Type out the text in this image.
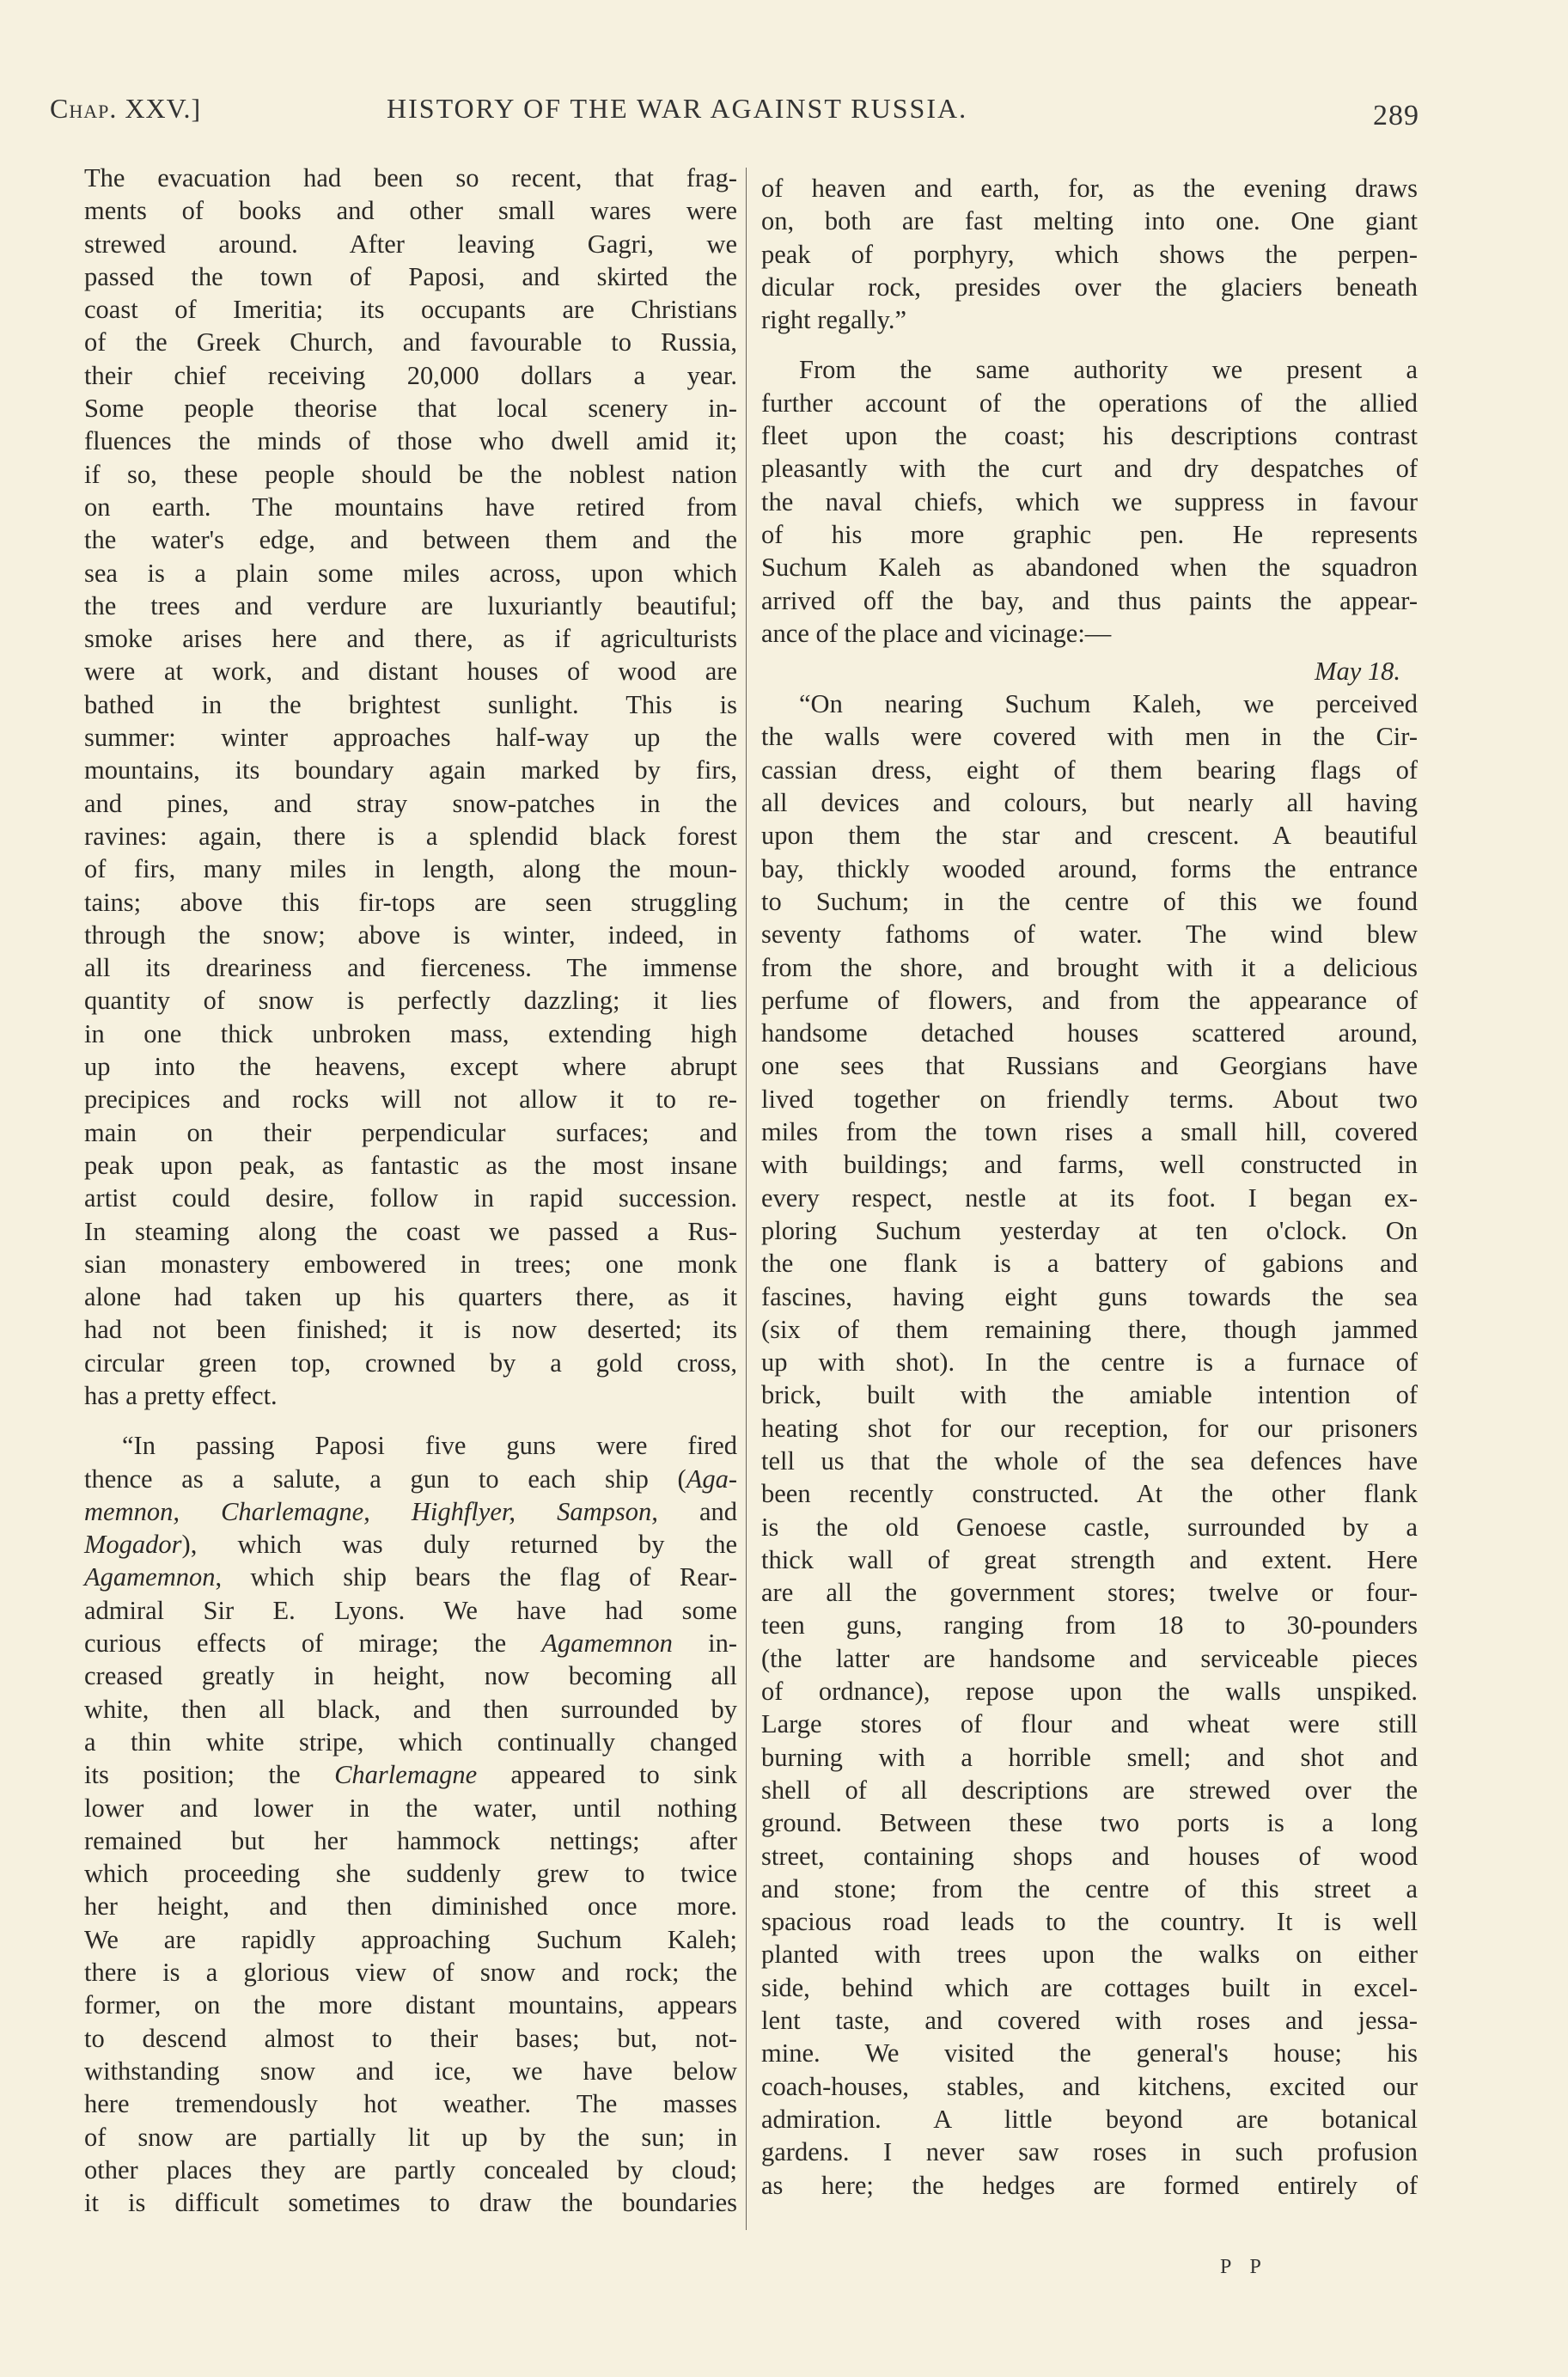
Chap. XXV.]	HISTORY OF THE WAR AGAINST RUSSIA.	289
The evacuation had been so recent, that frag-
ments of books and other small wares were
strewed around. After leaving Gagri, we
passed the town of Paposi, and skirted the
coast of Imeritia; its occupants are Christians
of the Greek Church, and favourable to Russia,
their chief receiving 20,000 dollars a year.
Some people theorise that local scenery in-
fluences the minds of those who dwell amid it;
if so, these people should be the noblest nation
on earth. The mountains have retired from
the water's edge, and between them and the
sea is a plain some miles across, upon which
the trees and verdure are luxuriantly beautiful;
smoke arises here and there, as if agriculturists
were at work, and distant houses of wood are
bathed in the brightest sunlight. This is
summer: winter approaches half-way up the
mountains, its boundary again marked by firs,
and pines, and stray snow-patches in the
ravines: again, there is a splendid black forest
of firs, many miles in length, along the moun-
tains; above this fir-tops are seen struggling
through the snow; above is winter, indeed, in
all its dreariness and fierceness. The immense
quantity of snow is perfectly dazzling; it lies
in one thick unbroken mass, extending high
up into the heavens, except where abrupt
precipices and rocks will not allow it to re-
main on their perpendicular surfaces; and
peak upon peak, as fantastic as the most insane
artist could desire, follow in rapid succession.
In steaming along the coast we passed a Rus-
sian monastery embowered in trees; one monk
alone had taken up his quarters there, as it
had not been finished; it is now deserted; its
circular green top, crowned by a gold cross,
has a pretty effect.
“In passing Paposi five guns were fired
thence as a salute, a gun to each ship (Aga-
memnon, Charlemagne, Highflyer, Sampson, and
Mogador), which was duly returned by the
Agamemnon, which ship bears the flag of Rear-
admiral Sir E. Lyons. We have had some
curious effects of mirage; the Agamemnon in-
creased greatly in height, now becoming all
white, then all black, and then surrounded by
a thin white stripe, which continually changed
its position; the Charlemagne appeared to sink
lower and lower in the water, until nothing
remained but her hammock nettings; after
which proceeding she suddenly grew to twice
her height, and then diminished once more.
We are rapidly approaching Suchum Kaleh;
there is a glorious view of snow and rock; the
former, on the more distant mountains, appears
to descend almost to their bases; but, not-
withstanding snow and ice, we have below
here tremendously hot weather. The masses
of snow are partially lit up by the sun; in
other places they are partly concealed by cloud;
it is difficult sometimes to draw the boundaries
of heaven and earth, for, as the evening draws
on, both are fast melting into one. One giant
peak of porphyry, which shows the perpen-
dicular rock, presides over the glaciers beneath
right regally.”
From the same authority we present a
further account of the operations of the allied
fleet upon the coast; his descriptions contrast
pleasantly with the curt and dry despatches of
the naval chiefs, which we suppress in favour
of his more graphic pen. He represents
Suchum Kaleh as abandoned when the squadron
arrived off the bay, and thus paints the appear-
ance of the place and vicinage:—
May 18.
“On nearing Suchum Kaleh, we perceived
the walls were covered with men in the Cir-
cassian dress, eight of them bearing flags of
all devices and colours, but nearly all having
upon them the star and crescent. A beautiful
bay, thickly wooded around, forms the entrance
to Suchum; in the centre of this we found
seventy fathoms of water. The wind blew
from the shore, and brought with it a delicious
perfume of flowers, and from the appearance of
handsome detached houses scattered around,
one sees that Russians and Georgians have
lived together on friendly terms. About two
miles from the town rises a small hill, covered
with buildings; and farms, well constructed in
every respect, nestle at its foot. I began ex-
ploring Suchum yesterday at ten o'clock. On
the one flank is a battery of gabions and
fascines, having eight guns towards the sea
(six of them remaining there, though jammed
up with shot). In the centre is a furnace of
brick, built with the amiable intention of
heating shot for our reception, for our prisoners
tell us that the whole of the sea defences have
been recently constructed. At the other flank
is the old Genoese castle, surrounded by a
thick wall of great strength and extent. Here
are all the government stores; twelve or four-
teen guns, ranging from 18 to 30-pounders
(the latter are handsome and serviceable pieces
of ordnance), repose upon the walls unspiked.
Large stores of flour and wheat were still
burning with a horrible smell; and shot and
shell of all descriptions are strewed over the
ground. Between these two ports is a long
street, containing shops and houses of wood
and stone; from the centre of this street a
spacious road leads to the country. It is well
planted with trees upon the walks on either
side, behind which are cottages built in excel-
lent taste, and covered with roses and jessa-
mine. We visited the general's house; his
coach-houses, stables, and kitchens, excited our
admiration. A little beyond are botanical
gardens. I never saw roses in such profusion
as here; the hedges are formed entirely of
P P
